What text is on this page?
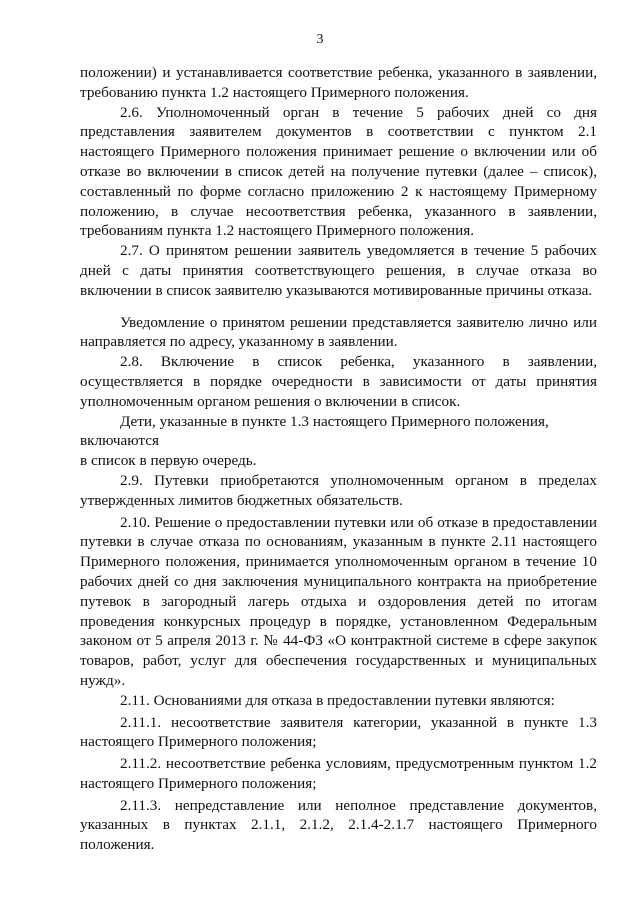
3

положении) и устанавливается соответствие ребенка, указанного в заявлении, требованию пункта 1.2 настоящего Примерного положения.

2.6. Уполномоченный орган в течение 5 рабочих дней со дня представления заявителем документов в соответствии с пунктом 2.1 настоящего Примерного положения принимает решение о включении или об отказе во включении в список детей на получение путевки (далее – список), составленный по форме согласно приложению 2 к настоящему Примерному положению, в случае несоответствия ребенка, указанного в заявлении, требованиям пункта 1.2 настоящего Примерного положения.

2.7. О принятом решении заявитель уведомляется в течение 5 рабочих дней с даты принятия соответствующего решения, в случае отказа во включении в список заявителю указываются мотивированные причины отказа.

Уведомление о принятом решении представляется заявителю лично или направляется по адресу, указанному в заявлении.

2.8. Включение в список ребенка, указанного в заявлении, осуществляется в порядке очередности в зависимости от даты принятия уполномоченным органом решения о включении в список.

Дети, указанные в пункте 1.3 настоящего Примерного положения, включаются

в список в первую очередь.

2.9. Путевки приобретаются уполномоченным органом в пределах утвержденных лимитов бюджетных обязательств.

2.10. Решение о предоставлении путевки или об отказе в предоставлении путевки в случае отказа по основаниям, указанным в пункте 2.11 настоящего Примерного положения, принимается уполномоченным органом в течение 10 рабочих дней со дня заключения муниципального контракта на приобретение путевок в загородный лагерь отдыха и оздоровления детей по итогам проведения конкурсных процедур в порядке, установленном Федеральным законом от 5 апреля 2013 г. № 44-ФЗ «О контрактной системе в сфере закупок товаров, работ, услуг для обеспечения государственных и муниципальных нужд».

2.11. Основаниями для отказа в предоставлении путевки являются:

2.11.1. несоответствие заявителя категории, указанной в пункте 1.3 настоящего Примерного положения;

2.11.2. несоответствие ребенка условиям, предусмотренным пунктом 1.2 настоящего Примерного положения;

2.11.3. непредставление или неполное представление документов, указанных в пунктах 2.1.1, 2.1.2, 2.1.4-2.1.7 настоящего Примерного положения.
